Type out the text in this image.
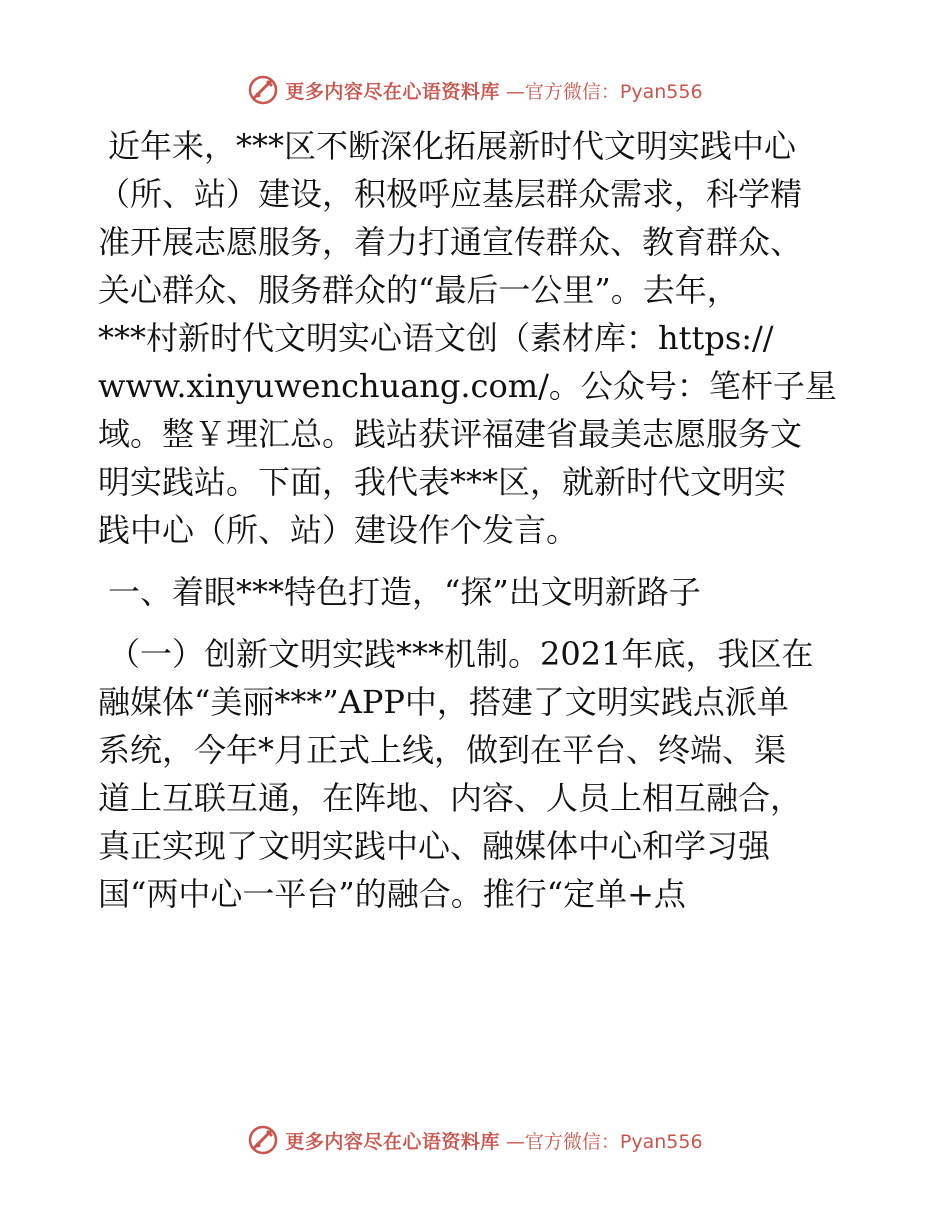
更多内容尽在心语资料库 —官方微信：Pyan556
近年来，***区不断深化拓展新时代文明实践中心
（所、站）建设，积极呼应基层群众需求，科学精
准开展志愿服务，着力打通宣传群众、教育群众、
关心群众、服务群众的“最后一公里”。去年，
***村新时代文明实心语文创（素材库：https://
www.xinyuwenchuang.com/。公众号：笔杆子星
域。整￥理汇总。践站获评福建省最美志愿服务文
明实践站。下面，我代表***区，就新时代文明实
践中心（所、站）建设作个发言。
一、着眼***特色打造，“探”出文明新路子
（一）创新文明实践***机制。2021年底，我区在
融媒体“美丽***”APP中，搭建了文明实践点派单
系统，今年*月正式上线，做到在平台、终端、渠
道上互联互通，在阵地、内容、人员上相互融合，
真正实现了文明实践中心、融媒体中心和学习强
国“两中心一平台”的融合。推行“定单+点
更多内容尽在心语资料库 —官方微信：Pyan556
